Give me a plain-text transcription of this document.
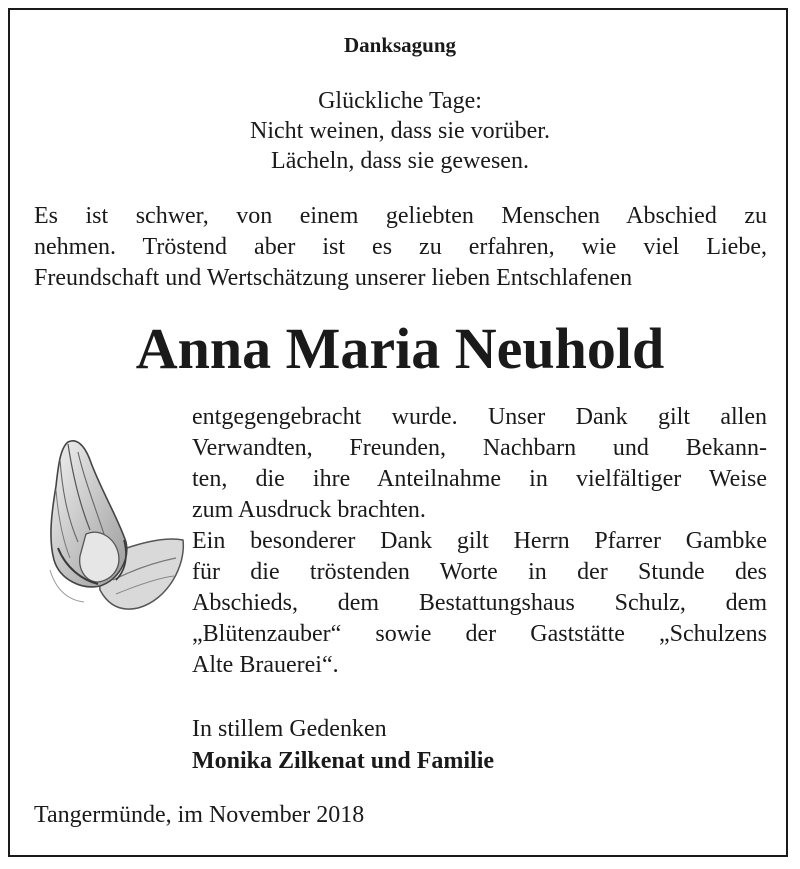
Danksagung
Glückliche Tage:
Nicht weinen, dass sie vorüber.
Lächeln, dass sie gewesen.
Es ist schwer, von einem geliebten Menschen Abschied zu
nehmen. Tröstend aber ist es zu erfahren, wie viel Liebe,
Freundschaft und Wertschätzung unserer lieben Entschlafenen
Anna Maria Neuhold
entgegengebracht wurde. Unser Dank gilt allen
Verwandten, Freunden, Nachbarn und Bekann-
ten, die ihre Anteilnahme in vielfältiger Weise
zum Ausdruck brachten.
Ein besonderer Dank gilt Herrn Pfarrer Gambke
für die tröstenden Worte in der Stunde des
Abschieds, dem Bestattungshaus Schulz, dem
„Blütenzauber“ sowie der Gaststätte „Schulzens
Alte Brauerei“.
In stillem Gedenken
Monika Zilkenat und Familie
Tangermünde, im November 2018
